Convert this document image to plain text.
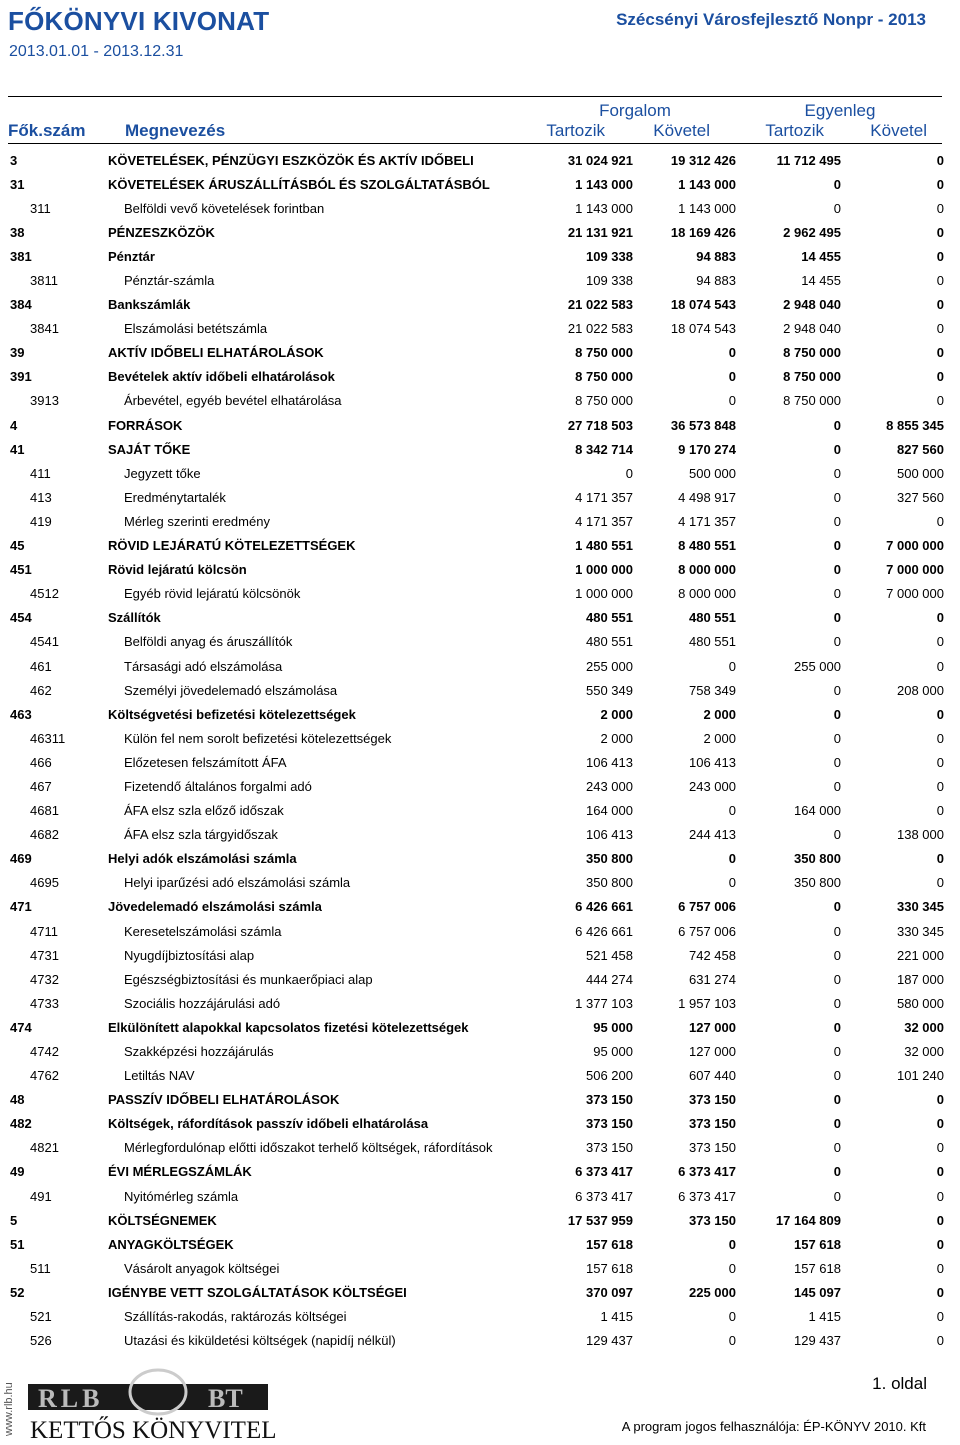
FŐKÖNYVI KIVONAT	Szécsényi Városfejlesztő Nonpr - 2013
2013.01.01 - 2013.12.31
Fők.szám Megnevezés
Forgalom	Egyenleg
Tartozik	Követel	Tartozik	Követel
3	KÖVETELÉSEK, PÉNZÜGYI ESZKÖZÖK ÉS AKTÍV IDŐBELI	31 024 921	19 312 426	11 712 495	0
31	KÖVETELÉSEK ÁRUSZÁLLÍTÁSBÓL ÉS SZOLGÁLTATÁSBÓL	1 143 000	1 143 000	0	0
311	Belföldi vevő követelések forintban	1 143 000	1 143 000	0	0
38	PÉNZESZKÖZÖK	21 131 921	18 169 426	2 962 495	0
381	Pénztár	109 338	94 883	14 455	0
3811	Pénztár-számla	109 338	94 883	14 455	0
384	Bankszámlák	21 022 583	18 074 543	2 948 040	0
3841	Elszámolási betétszámla	21 022 583	18 074 543	2 948 040	0
39	AKTÍV IDŐBELI ELHATÁROLÁSOK	8 750 000	0	8 750 000	0
391	Bevételek aktív időbeli elhatárolások	8 750 000	0	8 750 000	0
3913	Árbevétel, egyéb bevétel elhatárolása	8 750 000	0	8 750 000	0
4	FORRÁSOK	27 718 503	36 573 848	0	8 855 345
41	SAJÁT TŐKE	8 342 714	9 170 274	0	827 560
411	Jegyzett tőke	0	500 000	0	500 000
413	Eredménytartalék	4 171 357	4 498 917	0	327 560
419	Mérleg szerinti eredmény	4 171 357	4 171 357	0	0
45	RÖVID LEJÁRATÚ KÖTELEZETTSÉGEK	1 480 551	8 480 551	0	7 000 000
451	Rövid lejáratú kölcsön	1 000 000	8 000 000	0	7 000 000
4512	Egyéb rövid lejáratú kölcsönök	1 000 000	8 000 000	0	7 000 000
454	Szállítók	480 551	480 551	0	0
4541	Belföldi anyag és áruszállítók	480 551	480 551	0	0
461	Társasági adó elszámolása	255 000	0	255 000	0
462	Személyi jövedelemadó elszámolása	550 349	758 349	0	208 000
463	Költségvetési befizetési kötelezettségek	2 000	2 000	0	0
46311	Külön fel nem sorolt befizetési kötelezettségek	2 000	2 000	0	0
466	Előzetesen felszámított ÁFA	106 413	106 413	0	0
467	Fizetendő általános forgalmi adó	243 000	243 000	0	0
4681	ÁFA elsz szla előző időszak	164 000	0	164 000	0
4682	ÁFA elsz szla tárgyidőszak	106 413	244 413	0	138 000
469	Helyi adók elszámolási számla	350 800	0	350 800	0
4695	Helyi iparűzési adó elszámolási számla	350 800	0	350 800	0
471	Jövedelemadó elszámolási számla	6 426 661	6 757 006	0	330 345
4711	Keresetelszámolási számla	6 426 661	6 757 006	0	330 345
4731	Nyugdíjbiztosítási alap	521 458	742 458	0	221 000
4732	Egészségbiztosítási és munkaerőpiaci alap	444 274	631 274	0	187 000
4733	Szociális hozzájárulási adó	1 377 103	1 957 103	0	580 000
474	Elkülönített alapokkal kapcsolatos fizetési kötelezettségek	95 000	127 000	0	32 000
4742	Szakképzési hozzájárulás	95 000	127 000	0	32 000
4762	Letiltás NAV	506 200	607 440	0	101 240
48	PASSZÍV IDŐBELI ELHATÁROLÁSOK	373 150	373 150	0	0
482	Költségek, ráfordítások passzív időbeli elhatárolása	373 150	373 150	0	0
4821	Mérlegfordulónap előtti időszakot terhelő költségek, ráfordítások	373 150	373 150	0	0
49	ÉVI MÉRLEGSZÁMLÁK	6 373 417	6 373 417	0	0
491	Nyitómérleg számla	6 373 417	6 373 417	0	0
5	KÖLTSÉGNEMEK	17 537 959	373 150	17 164 809	0
51	ANYAGKÖLTSÉGEK	157 618	0	157 618	0
511	Vásárolt anyagok költségei	157 618	0	157 618	0
52	IGÉNYBE VETT SZOLGÁLTATÁSOK KÖLTSÉGEI	370 097	225 000	145 097	0
521	Szállítás-rakodás, raktározás költségei	1 415	0	1 415	0
526	Utazási és kiküldetési költségek (napidíj nélkül)	129 437	0	129 437	0
www.rlb.hu RLB	BT
KETTŐS KÖNYVITEL
1. oldal
A program jogos felhasználója: ÉP-KÖNYV 2010. Kft
